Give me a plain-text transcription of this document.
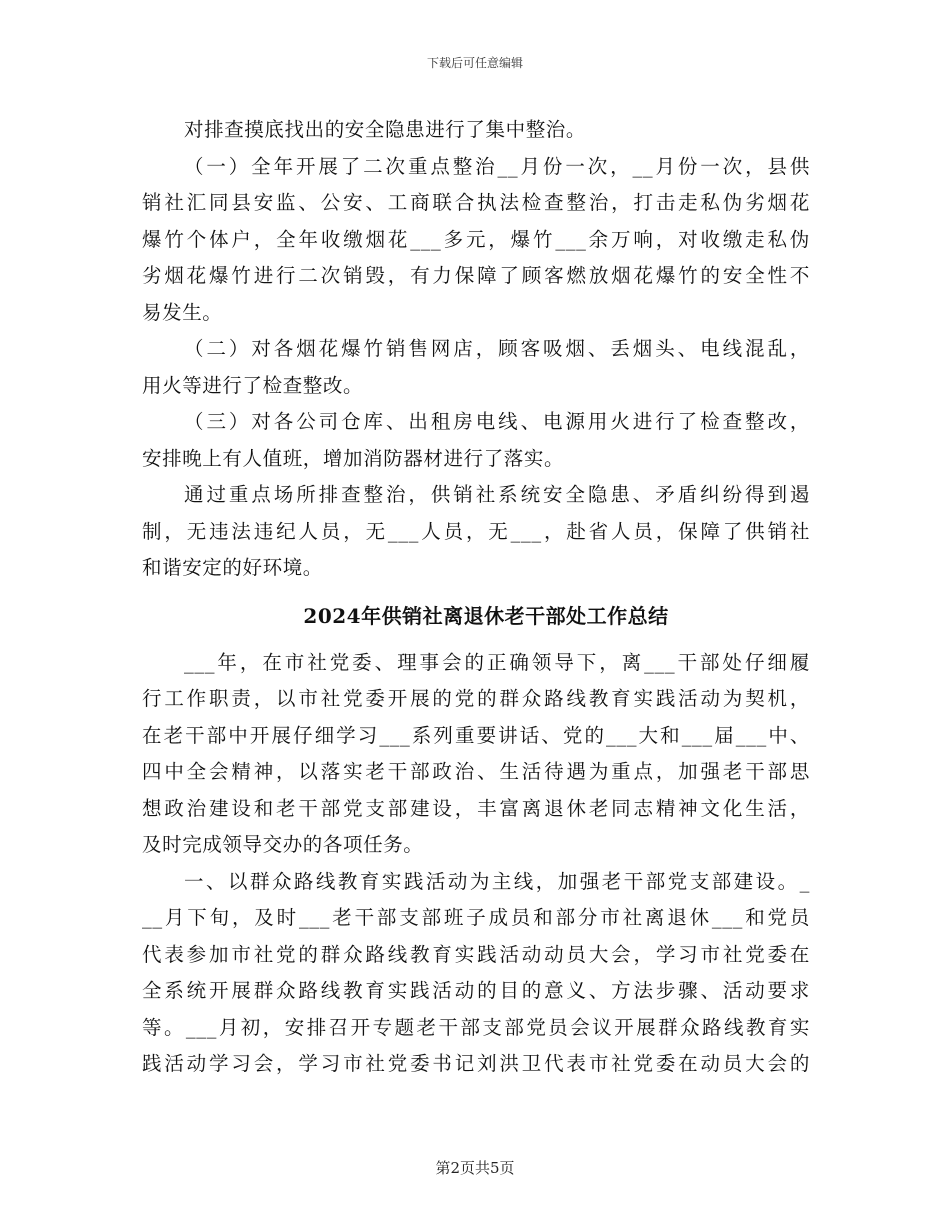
下载后可任意编辑
对排查摸底找出的安全隐患进行了集中整治。
（一）全年开展了二次重点整治__月份一次，__月份一次，县供
销社汇同县安监、公安、工商联合执法检查整治，打击走私伪劣烟花
爆竹个体户，全年收缴烟花___多元，爆竹___余万响，对收缴走私伪
劣烟花爆竹进行二次销毁，有力保障了顾客燃放烟花爆竹的安全性不
易发生。
（二）对各烟花爆竹销售网店，顾客吸烟、丢烟头、电线混乱，
用火等进行了检查整改。
（三）对各公司仓库、出租房电线、电源用火进行了检查整改，
安排晚上有人值班，增加消防器材进行了落实。
通过重点场所排查整治，供销社系统安全隐患、矛盾纠纷得到遏
制，无违法违纪人员，无___人员，无___，赴省人员，保障了供销社
和谐安定的好环境。
2024年供销社离退休老干部处工作总结
___年，在市社党委、理事会的正确领导下，离___干部处仔细履
行工作职责，以市社党委开展的党的群众路线教育实践活动为契机，
在老干部中开展仔细学习___系列重要讲话、党的___大和___届___中、
四中全会精神，以落实老干部政治、生活待遇为重点，加强老干部思
想政治建设和老干部党支部建设，丰富离退休老同志精神文化生活，
及时完成领导交办的各项任务。
一、以群众路线教育实践活动为主线，加强老干部党支部建设。_
__月下旬，及时___老干部支部班子成员和部分市社离退休___和党员
代表参加市社党的群众路线教育实践活动动员大会，学习市社党委在
全系统开展群众路线教育实践活动的目的意义、方法步骤、活动要求
等。___月初，安排召开专题老干部支部党员会议开展群众路线教育实
践活动学习会，学习市社党委书记刘洪卫代表市社党委在动员大会的
第2页共5页
